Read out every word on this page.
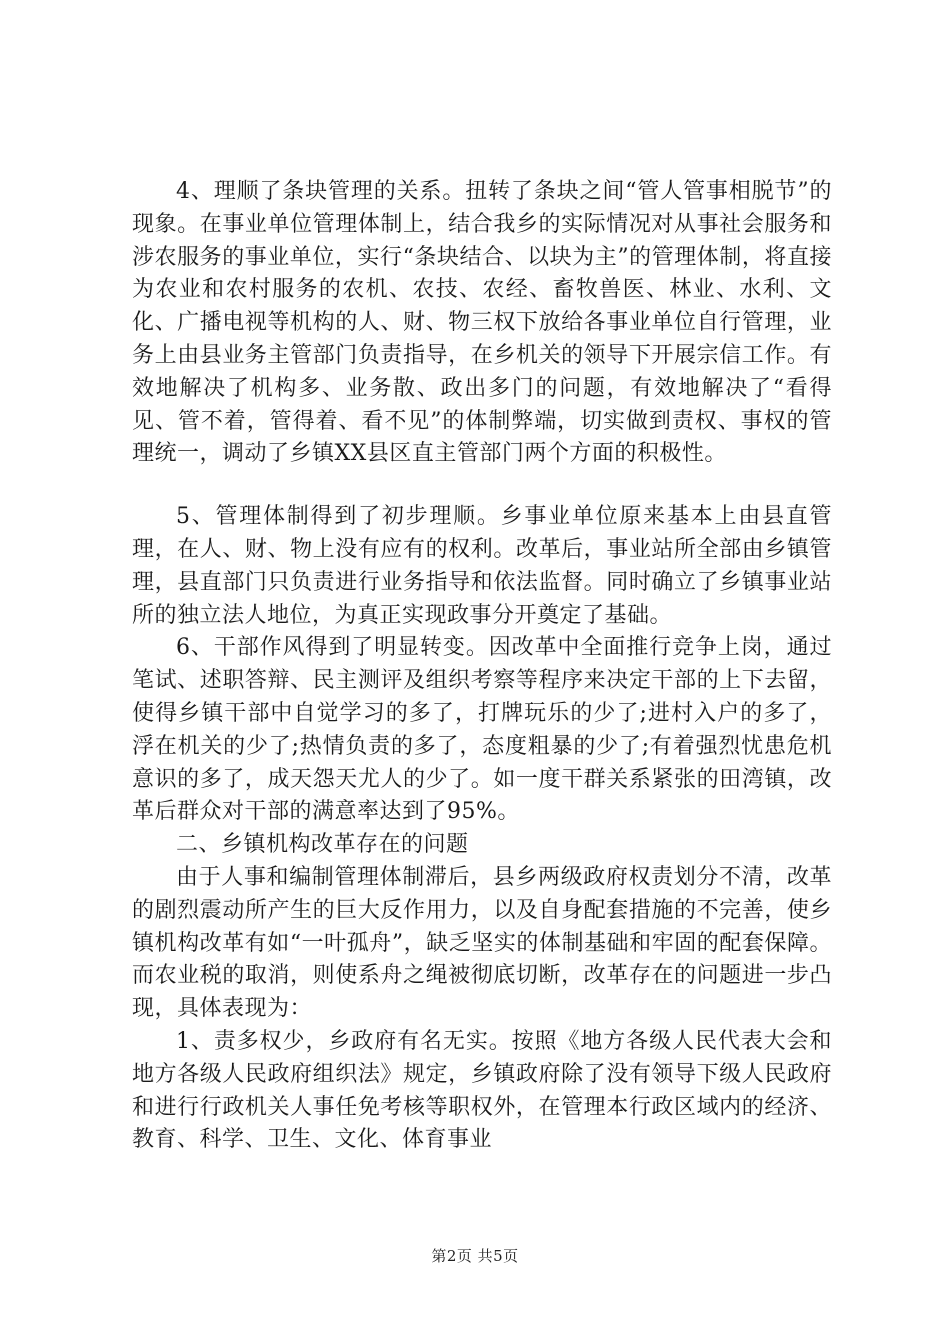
4、理顺了条块管理的关系。扭转了条块之间“管人管事相脱节”的现象。在事业单位管理体制上，结合我乡的实际情况对从事社会服务和涉农服务的事业单位，实行“条块结合、以块为主”的管理体制，将直接为农业和农村服务的农机、农技、农经、畜牧兽医、林业、水利、文化、广播电视等机构的人、财、物三权下放给各事业单位自行管理，业务上由县业务主管部门负责指导，在乡机关的领导下开展宗信工作。有效地解决了机构多、业务散、政出多门的问题，有效地解决了“看得见、管不着，管得着、看不见”的体制弊端，切实做到责权、事权的管理统一，调动了乡镇XX县区直主管部门两个方面的积极性。

5、管理体制得到了初步理顺。乡事业单位原来基本上由县直管理，在人、财、物上没有应有的权利。改革后，事业站所全部由乡镇管理，县直部门只负责进行业务指导和依法监督。同时确立了乡镇事业站所的独立法人地位，为真正实现政事分开奠定了基础。

6、干部作风得到了明显转变。因改革中全面推行竞争上岗，通过笔试、述职答辩、民主测评及组织考察等程序来决定干部的上下去留，使得乡镇干部中自觉学习的多了，打牌玩乐的少了;进村入户的多了，浮在机关的少了;热情负责的多了，态度粗暴的少了;有着强烈忧患危机意识的多了，成天怨天尤人的少了。如一度干群关系紧张的田湾镇，改革后群众对干部的满意率达到了95%。

二、乡镇机构改革存在的问题

由于人事和编制管理体制滞后，县乡两级政府权责划分不清，改革的剧烈震动所产生的巨大反作用力，以及自身配套措施的不完善，使乡镇机构改革有如“一叶孤舟”，缺乏坚实的体制基础和牢固的配套保障。而农业税的取消，则使系舟之绳被彻底切断，改革存在的问题进一步凸现，具体表现为：

1、责多权少，乡政府有名无实。按照《地方各级人民代表大会和地方各级人民政府组织法》规定，乡镇政府除了没有领导下级人民政府和进行行政机关人事任免考核等职权外，在管理本行政区域内的经济、教育、科学、卫生、文化、体育事业

第2页 共5页
